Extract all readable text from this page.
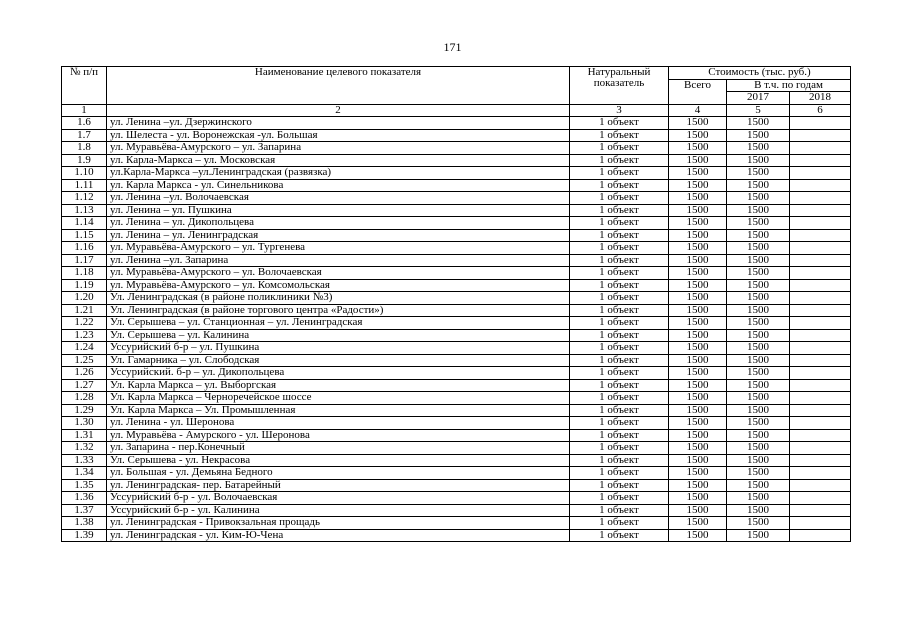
171
№ п/п	Наименование целевого показателя	Натуральный показатель	Стоимость (тыс. руб.)		
			Всего	В т.ч. по годам	
				2017	2018
1	2	3	4	5	6
1.6	ул. Ленина –ул. Дзержинского	1 объект	1500	1500	
1.7	ул. Шелеста - ул. Воронежская -ул. Большая	1 объект	1500	1500	
1.8	ул. Муравьёва-Амурского – ул. Запарина	1 объект	1500	1500	
1.9	ул. Карла-Маркса – ул. Московская	1 объект	1500	1500	
1.10	ул.Карла-Маркса –ул.Ленинградская (развязка)	1 объект	1500	1500	
1.11	ул. Карла Маркса - ул. Синельникова	1 объект	1500	1500	
1.12	ул. Ленина –ул. Волочаевская	1 объект	1500	1500	
1.13	ул. Ленина – ул. Пушкина	1 объект	1500	1500	
1.14	ул. Ленина – ул. Дикопольцева	1 объект	1500	1500	
1.15	ул. Ленина – ул. Ленинградская	1 объект	1500	1500	
1.16	ул. Муравьёва-Амурского – ул. Тургенева	1 объект	1500	1500	
1.17	ул. Ленина –ул. Запарина	1 объект	1500	1500	
1.18	ул. Муравьёва-Амурского – ул. Волочаевская	1 объект	1500	1500	
1.19	ул. Муравьёва-Амурского – ул. Комсомольская	1 объект	1500	1500	
1.20	Ул. Ленинградская (в районе поликлиники №3)	1 объект	1500	1500	
1.21	Ул. Ленинградская (в районе торгового центра «Радости»)	1 объект	1500	1500	
1.22	Ул. Серышева – ул. Станционная – ул. Ленинградская	1 объект	1500	1500	
1.23	Ул. Серышева – ул. Калинина	1 объект	1500	1500	
1.24	Уссурийский б-р – ул. Пушкина	1 объект	1500	1500	
1.25	Ул. Гамарника – ул. Слободская	1 объект	1500	1500	
1.26	Уссурийский. б-р – ул. Дикопольцева	1 объект	1500	1500	
1.27	Ул. Карла Маркса – ул. Выборгская	1 объект	1500	1500	
1.28	Ул. Карла Маркса – Черноречейское шоссе	1 объект	1500	1500	
1.29	Ул. Карла Маркса – Ул. Промышленная	1 объект	1500	1500	
1.30	ул. Ленина - ул. Шеронова	1 объект	1500	1500	
1.31	ул. Муравьёва - Амурского - ул. Шеронова	1 объект	1500	1500	
1.32	ул. Запарина - пер.Конечный	1 объект	1500	1500	
1.33	Ул. Серышева - ул. Некрасова	1 объект	1500	1500	
1.34	ул. Большая - ул. Демьяна Бедного	1 объект	1500	1500	
1.35	ул. Ленинградская- пер. Батарейный	1 объект	1500	1500	
1.36	Уссурийский б-р - ул. Волочаевская	1 объект	1500	1500	
1.37	Уссурийский б-р - ул. Калинина	1 объект	1500	1500	
1.38	ул. Ленинградская - Привокзальная прощадь	1 объект	1500	1500	
1.39	ул. Ленинградская - ул. Ким-Ю-Чена	1 объект	1500	1500	
